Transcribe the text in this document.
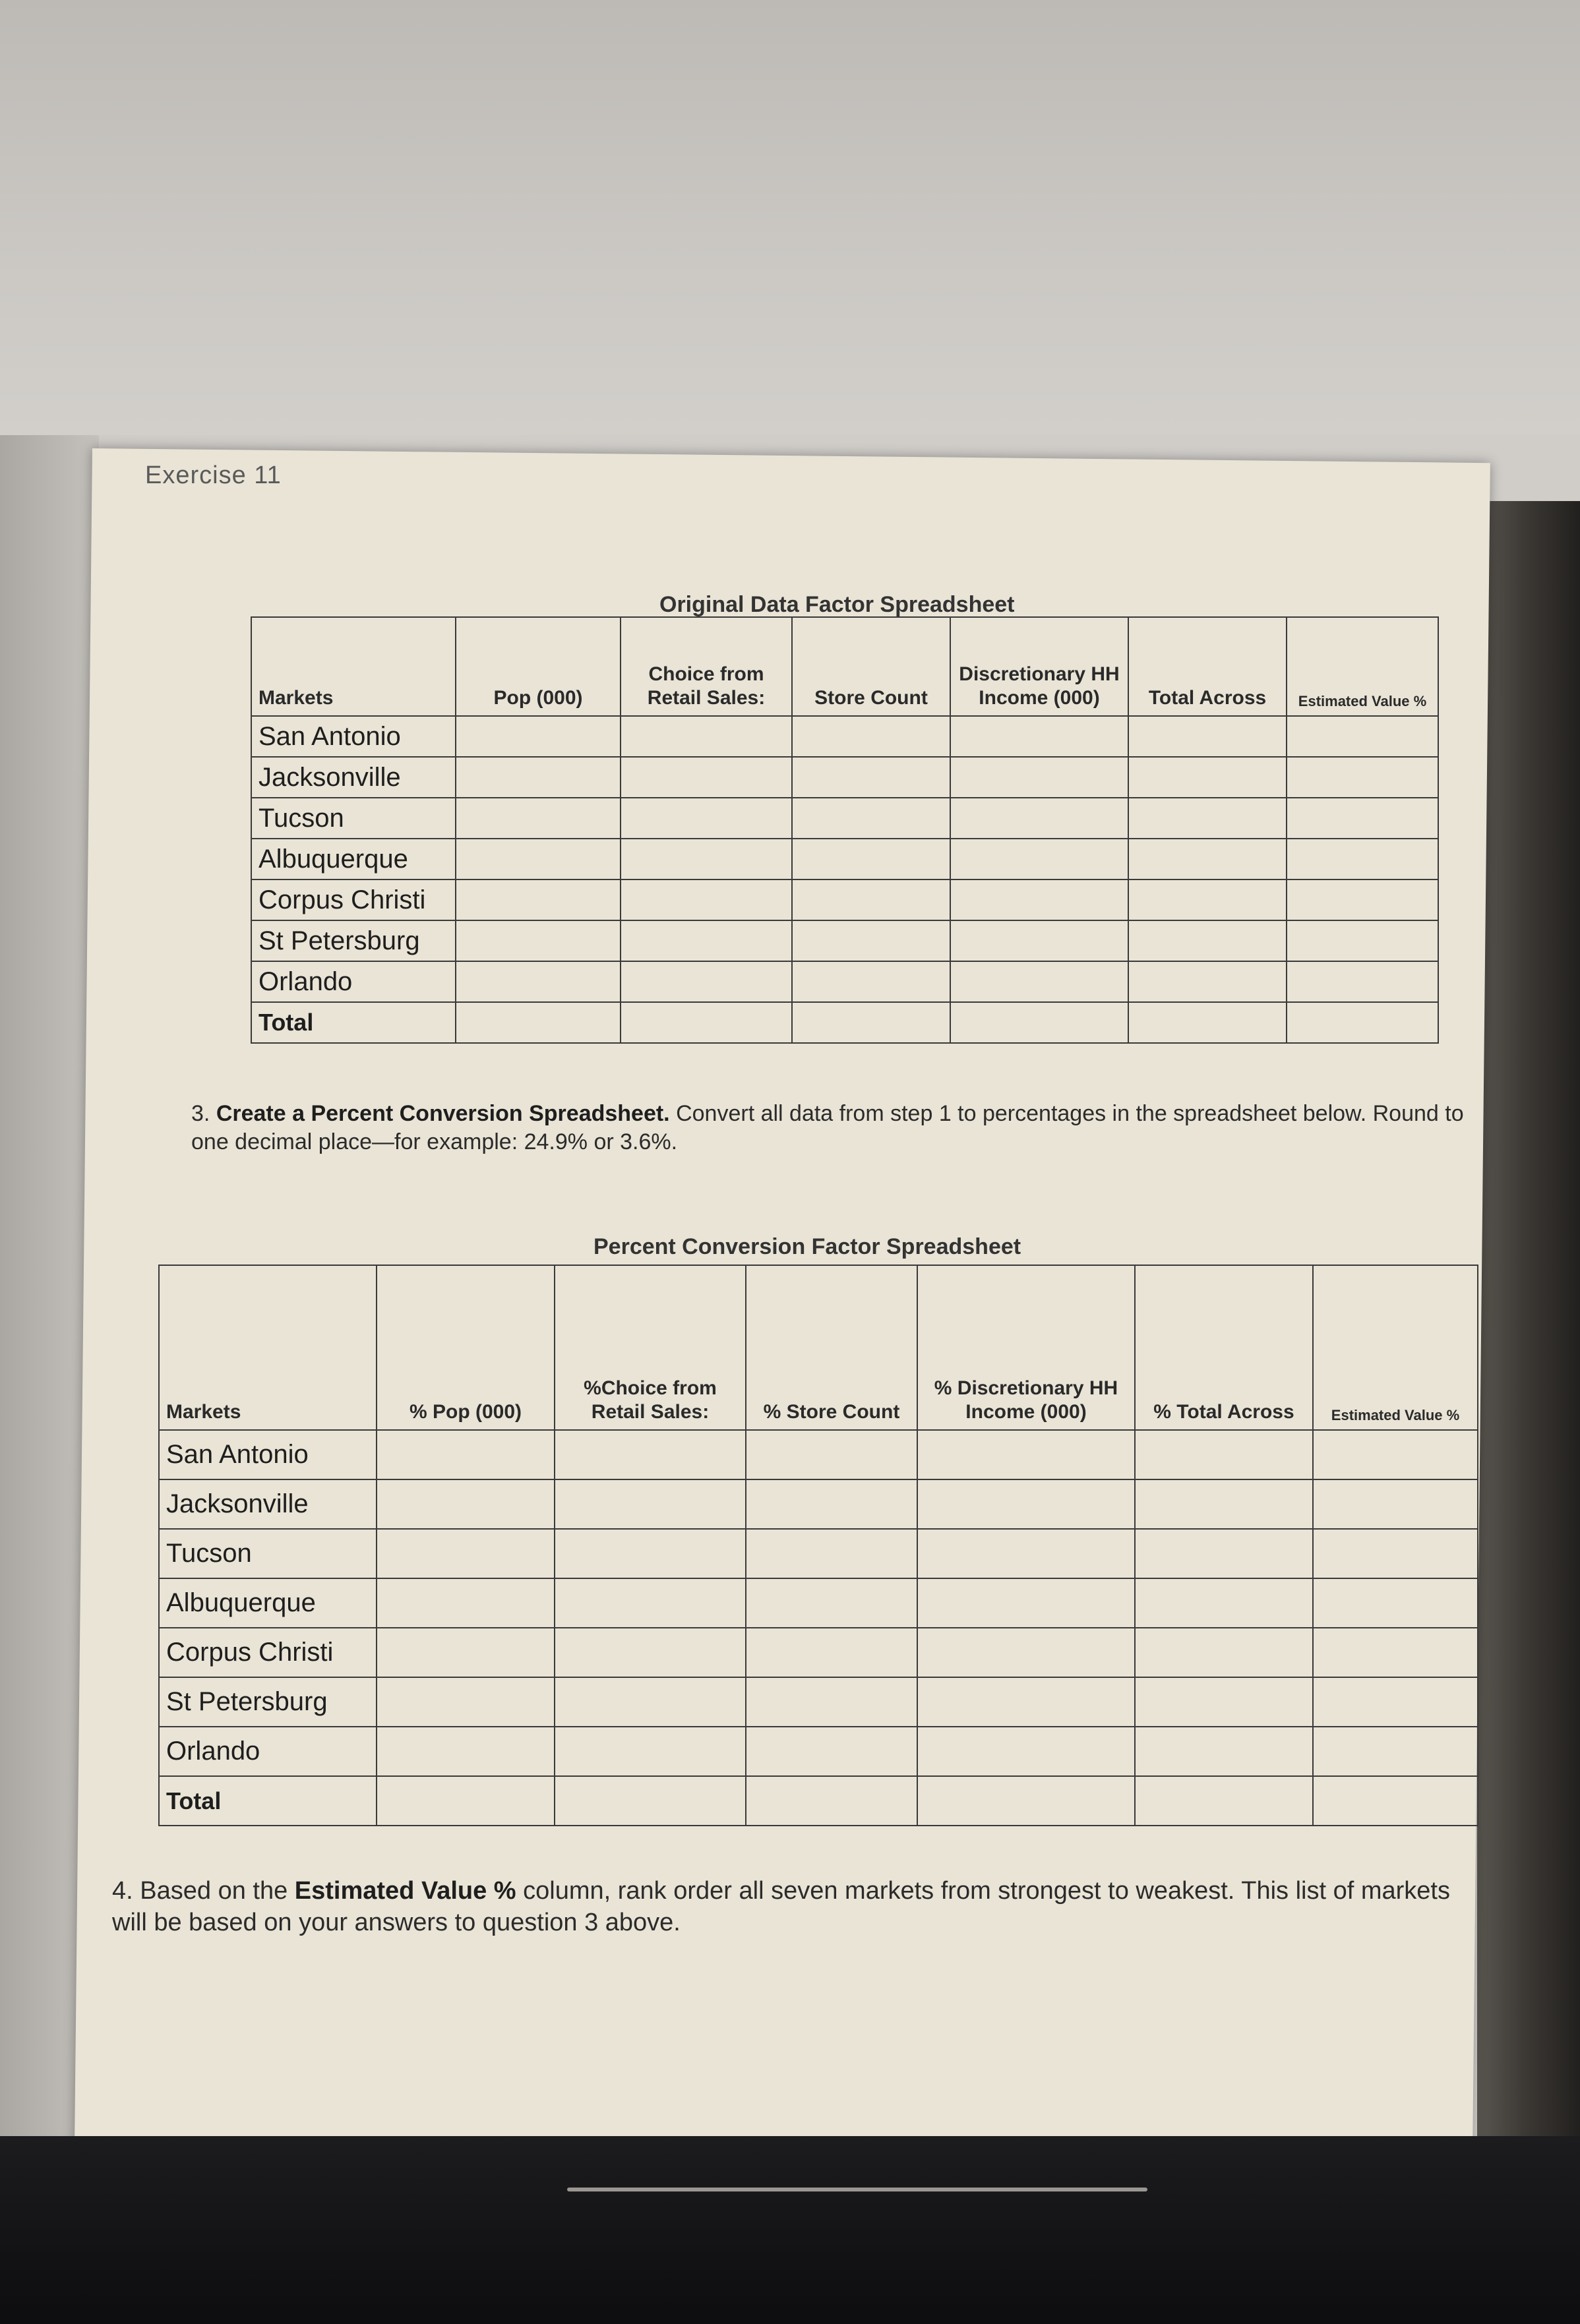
Exercise 11
Original Data Factor Spreadsheet
Markets	Pop (000)	Choice from Retail Sales:	Store Count	Discretionary HH Income (000)	Total Across	Estimated Value %
San Antonio						
Jacksonville						
Tucson						
Albuquerque						
Corpus Christi						
St Petersburg						
Orlando						
Total						
3. Create a Percent Conversion Spreadsheet. Convert all data from step 1 to percentages in the spreadsheet below. Round to one decimal place—for example: 24.9% or 3.6%.
Percent Conversion Factor Spreadsheet
Markets	% Pop (000)	%Choice from Retail Sales:	% Store Count	% Discretionary HH Income (000)	% Total Across	Estimated Value %
San Antonio						
Jacksonville						
Tucson						
Albuquerque						
Corpus Christi						
St Petersburg						
Orlando						
Total						
4. Based on the Estimated Value % column, rank order all seven markets from strongest to weakest. This list of markets will be based on your answers to question 3 above.
